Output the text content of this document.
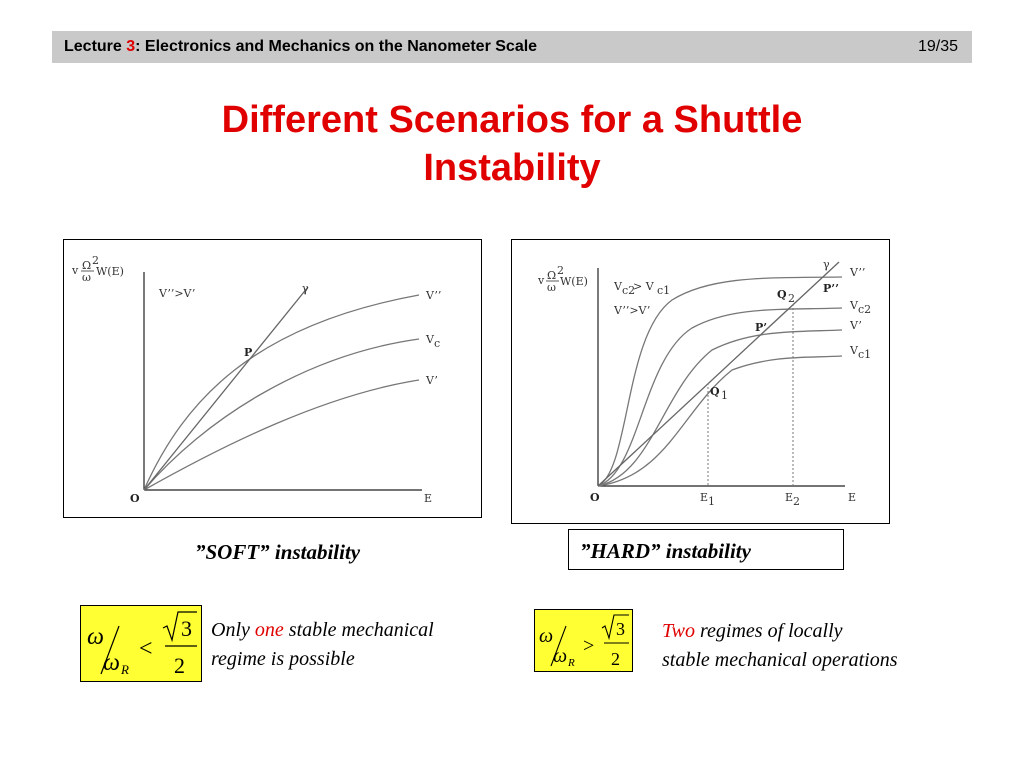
Lecture 3: Electronics and Mechanics on the Nanometer Scale	19/35
Different Scenarios for a Shuttle
Instability
v Ω 2
ω W(E)
V’’>V’	γ
P
O	E
V’’
V c
V’
v Ω 2
ω W(E) V c2
> V c1
V’’>V’
γ
P’’
Q 2
P’
Q 1
O	E 1	E 2	E
V’’
V c2
V’
V c1
”SOFT” instability	”HARD” instability
ω
ω R
<
3
2
Only one stable mechanical
regime is possible
ω
ω R
>
3
2
Two regimes of locally
stable mechanical operations
